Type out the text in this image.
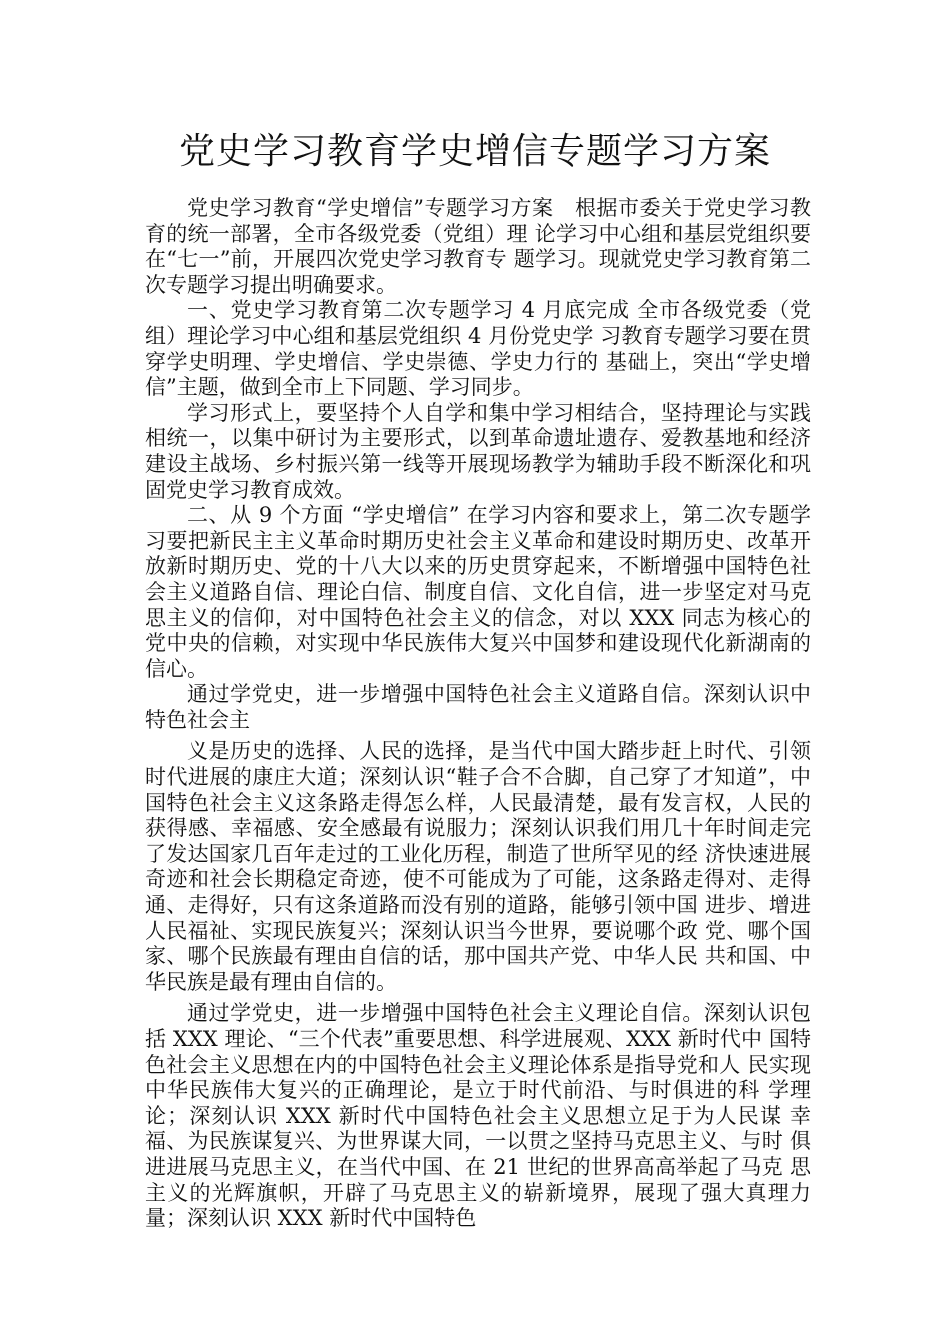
党史学习教育学史增信专题学习方案

党史学习教育“学史增信”专题学习方案　根据市委关于党史学习教育的统一部署，全市各级党委（党组）理 论学习中心组和基层党组织要在“七一”前，开展四次党史学习教育专 题学习。现就党史学习教育第二次专题学习提出明确要求。

一、党史学习教育第二次专题学习 4 月底完成 全市各级党委（党组）理论学习中心组和基层党组织 4 月份党史学 习教育专题学习要在贯穿学史明理、学史增信、学史崇德、学史力行的 基础上，突出“学史增信”主题，做到全市上下同题、学习同步。

学习形式上，要坚持个人自学和集中学习相结合，坚持理论与实践相统一，以集中研讨为主要形式，以到革命遗址遗存、爱教基地和经济建设主战场、乡村振兴第一线等开展现场教学为辅助手段不断深化和巩固党史学习教育成效。

二、从 9 个方面 “学史增信” 在学习内容和要求上，第二次专题学习要把新民主主义革命时期历史社会主义革命和建设时期历史、改革开放新时期历史、党的十八大以来的历史贯穿起来，不断增强中国特色社会主义道路自信、理论白信、制度自信、文化自信，进一步坚定对马克思主义的信仰，对中国特色社会主义的信念，对以 XXX 同志为核心的党中央的信赖，对实现中华民族伟大复兴中国梦和建设现代化新湖南的信心。

通过学党史，进一步增强中国特色社会主义道路自信。深刻认识中特色社会主

义是历史的选择、人民的选择，是当代中国大踏步赶上时代、引领时代进展的康庄大道；深刻认识“鞋子合不合脚，自己穿了才知道”，中国特色社会主义这条路走得怎么样，人民最清楚，最有发言权，人民的获得感、幸福感、安全感最有说服力；深刻认识我们用几十年时间走完了发达国家几百年走过的工业化历程，制造了世所罕见的经 济快速进展奇迹和社会长期稳定奇迹，使不可能成为了可能，这条路走得对、走得通、走得好，只有这条道路而没有别的道路，能够引领中国 进步、增进人民福祉、实现民族复兴；深刻认识当今世界，要说哪个政 党、哪个国家、哪个民族最有理由自信的话，那中国共产党、中华人民 共和国、中华民族是最有理由自信的。

通过学党史，进一步增强中国特色社会主义理论自信。深刻认识包括 XXX 理论、“三个代表”重要思想、科学进展观、XXX 新时代中 国特色社会主义思想在内的中国特色社会主义理论体系是指导党和人 民实现中华民族伟大复兴的正确理论，是立于时代前沿、与时俱进的科 学理论；深刻认识 XXX 新时代中国特色社会主义思想立足于为人民谋 幸福、为民族谋复兴、为世界谋大同，一以贯之坚持马克思主义、与时 俱进进展马克思主义，在当代中国、在 21 世纪的世界高高举起了马克 思主义的光辉旗帜，开辟了马克思主义的崭新境界，展现了强大真理力 量；深刻认识 XXX 新时代中国特色
